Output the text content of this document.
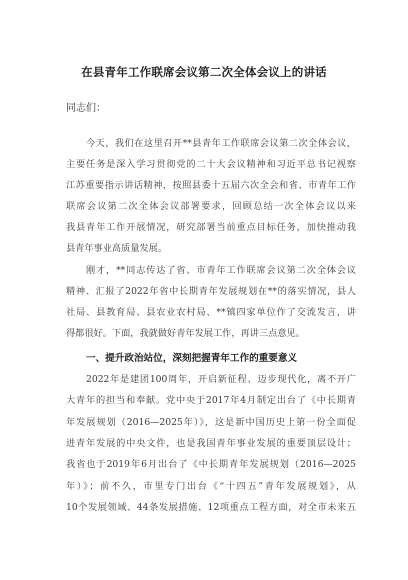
在县青年工作联席会议第二次全体会议上的讲话
同志们：
今天，我们在这里召开**县青年工作联席会议第二次全体会议，
主要任务是深入学习贯彻党的二十大会议精神和习近平总书记视察
江苏重要指示讲话精神，按照县委十五届六次全会和省、市青年工作
联席会议第二次全体会议部署要求，回顾总结一次全体会议以来
我县青年工作开展情况，研究部署当前重点目标任务，加快推动我
县青年事业高质量发展。
刚才，**同志传达了省、市青年工作联席会议第二次全体会议
精神、汇报了2022年省中长期青年发展规划在**的落实情况，县人
社局、县教育局、县农业农村局、**镇四家单位作了交流发言，讲
得都很好。下面，我就做好青年发展工作，再讲三点意见。
一、提升政治站位，深刻把握青年工作的重要意义
2022年是建团100周年，开启新征程、迈步现代化，离不开广
大青年的担当和奉献。党中央于2017年4月制定出台了《中长期青
年发展规划（2016—2025年）》，这是新中国历史上第一份全面促
进青年发展的中央文件，也是我国青年事业发展的重要顶层设计；
我省也于2019年6月出台了《中长期青年发展规划（2016—2025
年）》；前不久，市里专门出台《“十四五”青年发展规划》，从
10个发展领域、44条发展措施、12项重点工程方面，对全市未来五
